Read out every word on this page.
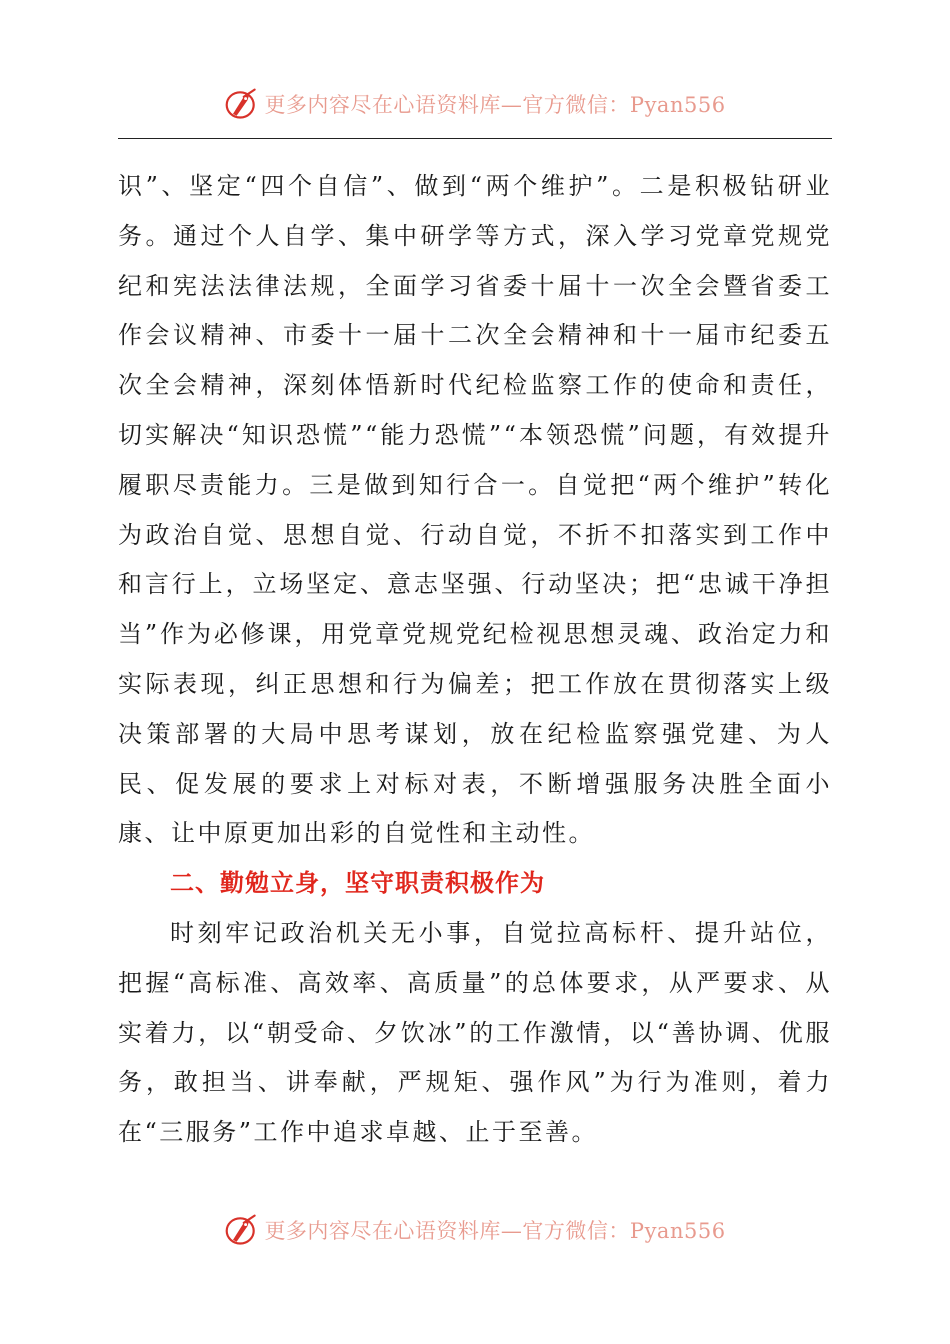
更多内容尽在心语资料库—官方微信：Pyan556

识”、坚定“四个自信”、做到“两个维护”。二是积极钻研业务。通过个人自学、集中研学等方式，深入学习党章党规党纪和宪法法律法规，全面学习省委十届十一次全会暨省委工作会议精神、市委十一届十二次全会精神和十一届市纪委五次全会精神，深刻体悟新时代纪检监察工作的使命和责任，切实解决“知识恐慌”“能力恐慌”“本领恐慌”问题，有效提升履职尽责能力。三是做到知行合一。自觉把“两个维护”转化为政治自觉、思想自觉、行动自觉，不折不扣落实到工作中和言行上，立场坚定、意志坚强、行动坚决；把“忠诚干净担当”作为必修课，用党章党规党纪检视思想灵魂、政治定力和实际表现，纠正思想和行为偏差；把工作放在贯彻落实上级决策部署的大局中思考谋划，放在纪检监察强党建、为人民、促发展的要求上对标对表，不断增强服务决胜全面小康、让中原更加出彩的自觉性和主动性。

二、勤勉立身，坚守职责积极作为

时刻牢记政治机关无小事，自觉拉高标杆、提升站位，把握“高标准、高效率、高质量”的总体要求，从严要求、从实着力，以“朝受命、夕饮冰”的工作激情，以“善协调、优服务，敢担当、讲奉献，严规矩、强作风”为行为准则，着力在“三服务”工作中追求卓越、止于至善。

更多内容尽在心语资料库—官方微信：Pyan556
